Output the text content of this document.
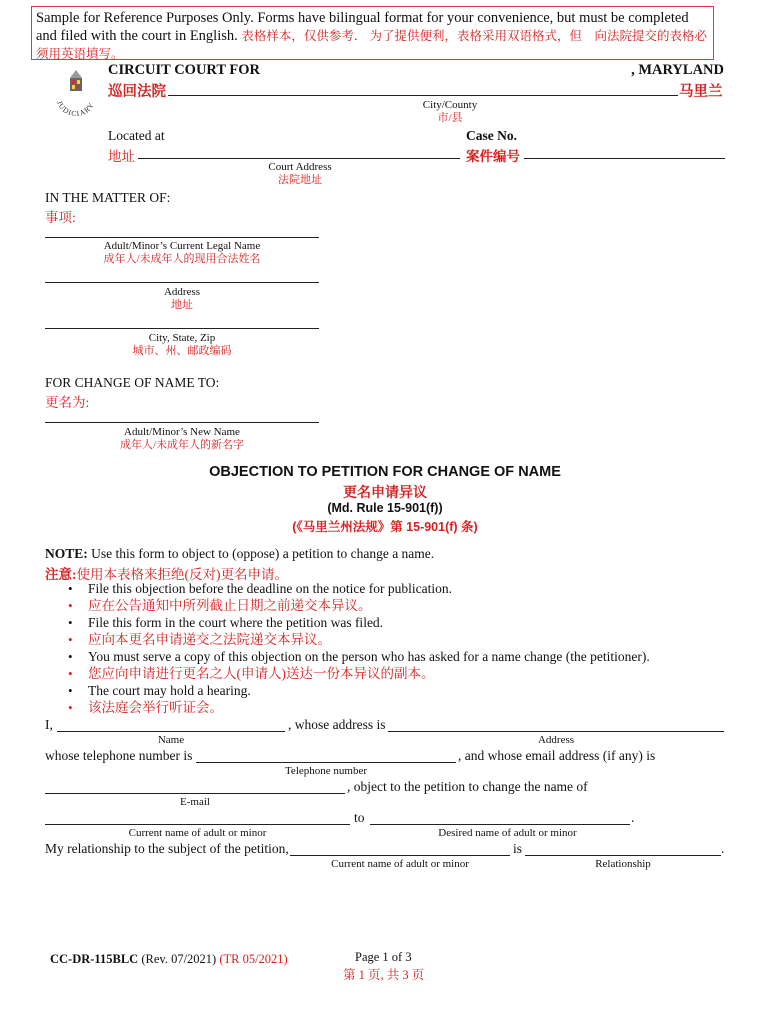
Sample for Reference Purposes Only. Forms have bilingual format for your convenience, but must be completed and filed with the court in English. 表格样本，仅供参考． 为了提供便利，表格采用双语格式，但　向法院提交的表格必须用英语填写。
JUDICIARY
CIRCUIT COURT FOR
巡回法院
, MARYLAND
马里兰
City/County
市/县
Located at
地址
Case No.
案件编号
Court Address
法院地址
IN THE MATTER OF:
事项:
Adult/Minor’s Current Legal Name
成年人/未成年人的现用合法姓名
Address
地址
City, State, Zip
城市、州、邮政编码
FOR CHANGE OF NAME TO:
更名为:
Adult/Minor’s New Name
成年人/未成年人的新名字
OBJECTION TO PETITION FOR CHANGE OF NAME
更名申请异议
(Md. Rule 15-901(f))
(《马里兰州法规》第 15-901(f) 条)
NOTE: Use this form to object to (oppose) a petition to change a name.
注意:使用本表格来拒绝(反对)更名申请。
• File this objection before the deadline on the notice for publication.
• 应在公告通知中所列截止日期之前递交本异议。
• File this form in the court where the petition was filed.
• 应向本更名申请递交之法院递交本异议。
• You must serve a copy of this objection on the person who has asked for a name change (the petitioner).
• 您应向申请进行更名之人(申请人)送达一份本异议的副本。
• The court may hold a hearing.
• 该法庭会举行听证会。
I,	, whose address is
Name	Address
whose telephone number is	, and whose email address (if any) is
Telephone number
, object to the petition to change the name of
E-mail
to	.
Current name of adult or minor	Desired name of adult or minor
My relationship to the subject of the petition,	is	.
Current name of adult or minor	Relationship
CC-DR-115BLC (Rev. 07/2021) (TR 05/2021)	Page 1 of 3
第 1 页, 共 3 页
